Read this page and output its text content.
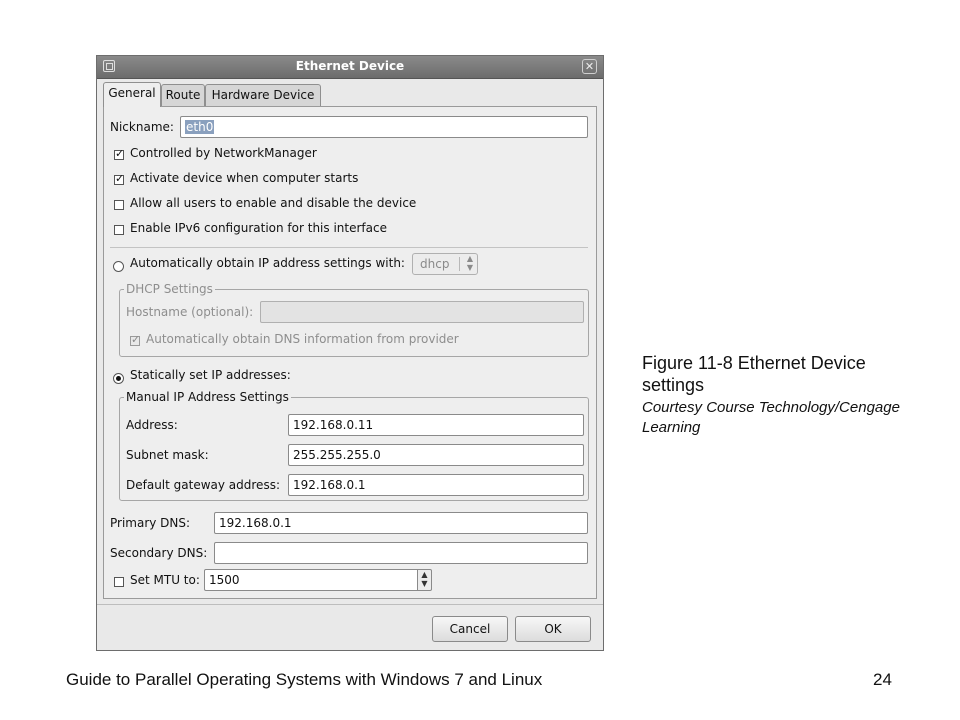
Ethernet Device	✕
General Route Hardware Device
Nickname:	eth0
✓
Controlled by NetworkManager
✓
Activate device when computer starts
Allow all users to enable and disable the device
Enable IPv6 configuration for this interface
Automatically obtain IP address settings with: dhcp ▲
▼
DHCP Settings
Hostname (optional):
✓
Automatically obtain DNS information from provider
Statically set IP addresses:
Manual IP Address Settings
Address:	192.168.0.11
Subnet mask:	255.255.255.0
Default gateway address:	192.168.0.1
Primary DNS:	192.168.0.1
Secondary DNS:
Set MTU to: 1500	▲
▼
Cancel	OK
Figure 11-8 Ethernet Device settings
Courtesy Course Technology/Cengage Learning
Guide to Parallel Operating Systems with Windows 7 and Linux	24
